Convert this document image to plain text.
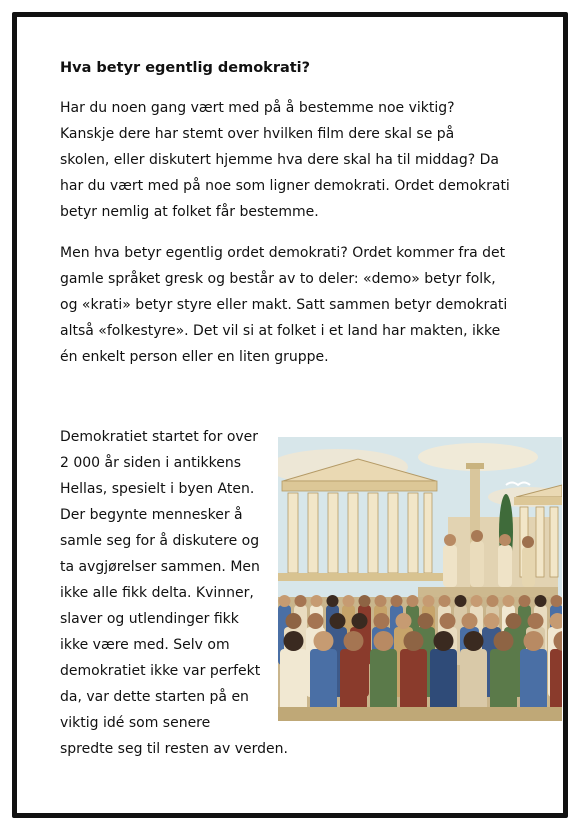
Hva betyr egentlig demokrati?

Har du noen gang vært med på å bestemme noe viktig?
Kanskje dere har stemt over hvilken film dere skal se på
skolen, eller diskutert hjemme hva dere skal ha til middag? Da
har du vært med på noe som ligner demokrati. Ordet demokrati
betyr nemlig at folket får bestemme.

Men hva betyr egentlig ordet demokrati? Ordet kommer fra det
gamle språket gresk og består av to deler: «demo» betyr folk,
og «krati» betyr styre eller makt. Satt sammen betyr demokrati
altså «folkestyre». Det vil si at folket i et land har makten, ikke
én enkelt person eller en liten gruppe.

Demokratiet startet for over
2 000 år siden i antikkens
Hellas, spesielt i byen Aten.
Der begynte mennesker å
samle seg for å diskutere og
ta avgjørelser sammen. Men
ikke alle fikk delta. Kvinner,
slaver og utlendinger fikk
ikke være med. Selv om
demokratiet ikke var perfekt
da, var dette starten på en
viktig idé som senere
spredte seg til resten av verden.
